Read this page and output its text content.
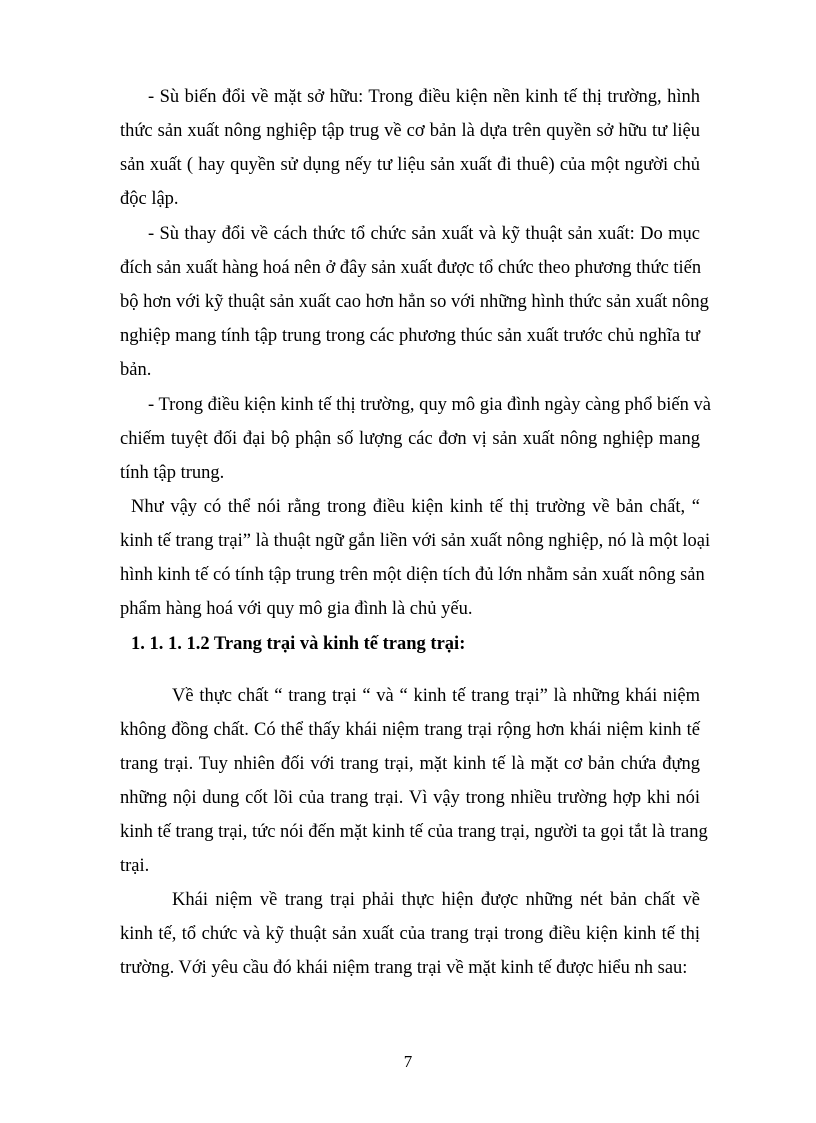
- Sù biến đổi về mặt sở hữu: Trong điều kiện nền kinh tế thị trường, hình
thức sản xuất nông nghiệp tập trug về cơ bản là dựa trên quyền sở hữu tư liệu
sản xuất ( hay quyền sử dụng nếy tư liệu sản xuất đi thuê) của một người chủ
độc lập.
- Sù thay đổi về cách thức tổ chức sản xuất và kỹ thuật sản xuất: Do mục
đích sản xuất hàng hoá nên ở đây sản xuất được tổ chức theo phương thức tiến
bộ hơn với kỹ thuật sản xuất cao hơn hẳn so với những hình thức sản xuất nông
nghiệp mang tính tập trung trong các phương thúc sản xuất trước chủ nghĩa tư
bản.
- Trong điều kiện kinh tế thị trường, quy mô gia đình ngày càng phổ biến và
chiếm tuyệt đối đại bộ phận số lượng các đơn vị sản xuất nông nghiệp mang
tính tập trung.
Như vậy có thể nói rằng trong điều kiện kinh tế thị trường về bản chất, “
kinh tế trang trại” là thuật ngữ gắn liền với sản xuất nông nghiệp, nó là một loại
hình kinh tế có tính tập trung trên một diện tích đủ lớn nhằm sản xuất nông sản
phẩm hàng hoá với quy mô gia đình là chủ yếu.
1. 1. 1. 1.2 Trang trại và kinh tế trang trại:
Về thực chất “ trang trại “ và “ kinh tế trang trại” là những khái niệm
không đồng chất. Có thể thấy khái niệm trang trại rộng hơn khái niệm kinh tế
trang trại. Tuy nhiên đối với trang trại, mặt kinh tế là mặt cơ bản chứa đựng
những nội dung cốt lõi của trang trại. Vì vậy trong nhiều trường hợp khi nói
kinh tế trang trại, tức nói đến mặt kinh tế của trang trại, người ta gọi tắt là trang
trại.
Khái niệm về trang trại phải thực hiện được những nét bản chất về
kinh tế, tổ chức và kỹ thuật sản xuất của trang trại trong điều kiện kinh tế thị
trường. Với yêu cầu đó khái niệm trang trại về mặt kinh tế được hiểu nh sau:
7
